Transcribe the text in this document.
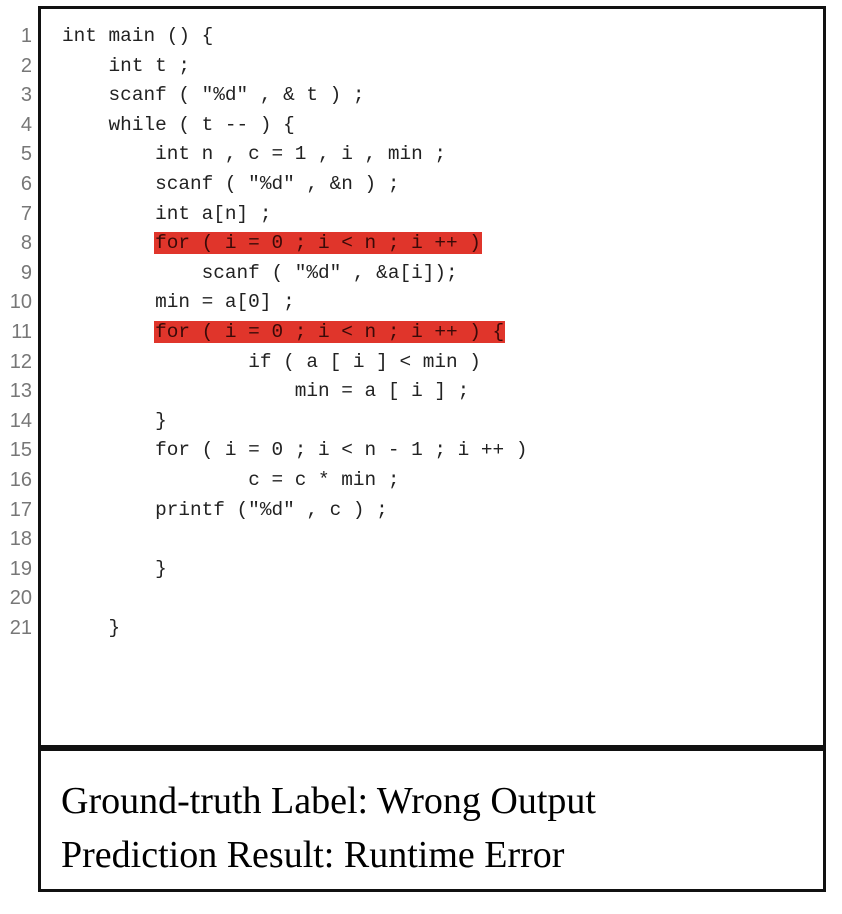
1
2
3
4
5
6
7
8
9
10
11
12
13
14
15
16
17
18
19
20
21
int main () {
int t ;
scanf ( "%d" , & t ) ;
while ( t -- ) {
int n , c = 1 , i , min ;
scanf ( "%d" , &n ) ;
int a[n] ;
for ( i = 0 ; i < n ; i ++ )
scanf ( "%d" , &a[i]);
min = a[0] ;
for ( i = 0 ; i < n ; i ++ ) {
if ( a [ i ] < min )
min = a [ i ] ;
}
for ( i = 0 ; i < n - 1 ; i ++ )
c = c * min ;
printf ("%d" , c ) ;
}
}
Ground-truth Label: Wrong Output
Prediction Result: Runtime Error
